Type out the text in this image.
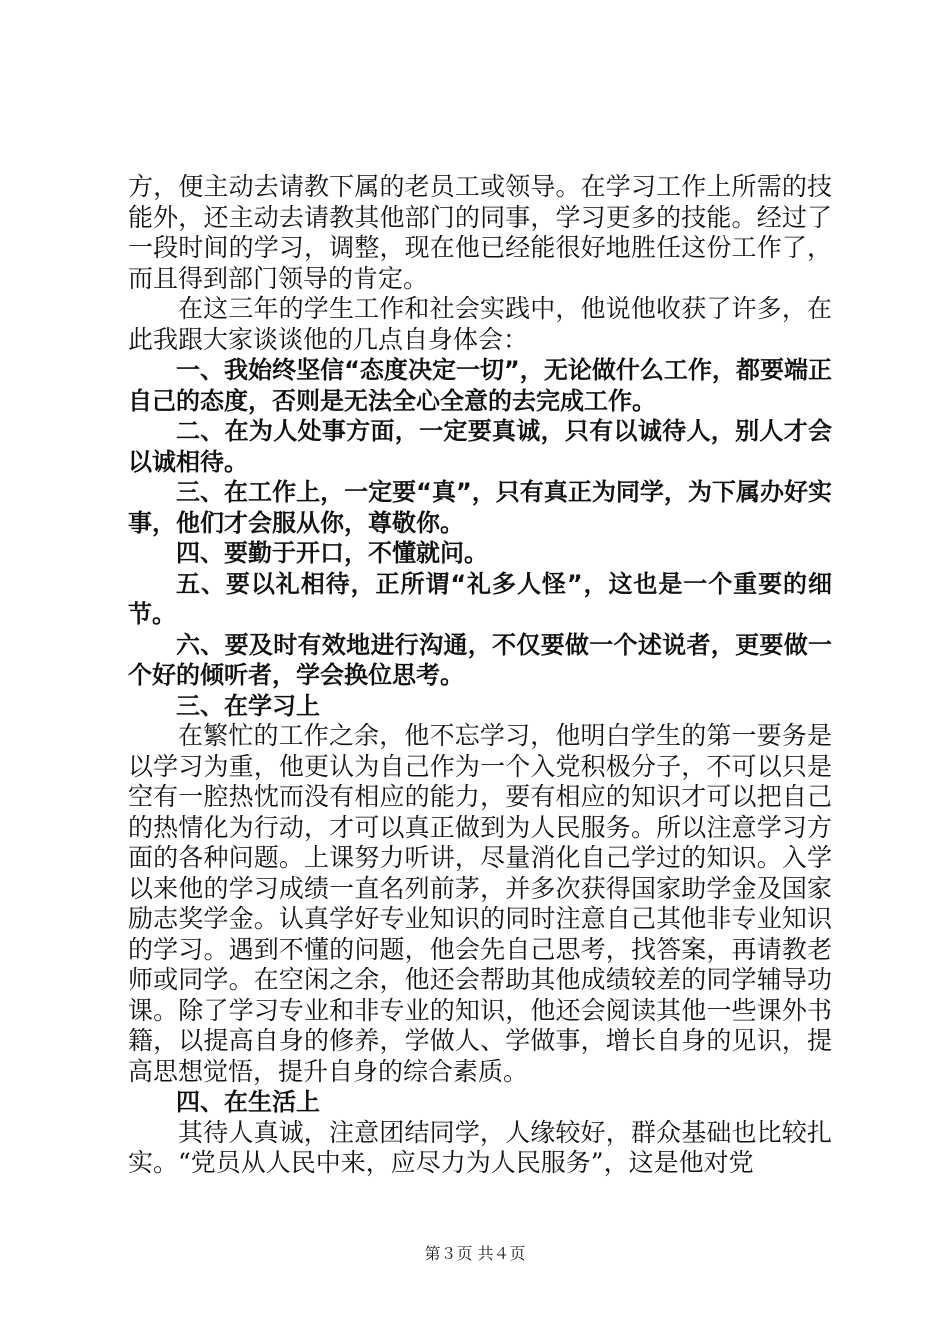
方，便主动去请教下属的老员工或领导。在学习工作上所需的技能外，还主动去请教其他部门的同事，学习更多的技能。经过了一段时间的学习，调整，现在他已经能很好地胜任这份工作了，而且得到部门领导的肯定。

在这三年的学生工作和社会实践中，他说他收获了许多，在此我跟大家谈谈他的几点自身体会：

一、我始终坚信“态度决定一切”，无论做什么工作，都要端正自己的态度，否则是无法全心全意的去完成工作。

二、在为人处事方面，一定要真诚，只有以诚待人，别人才会以诚相待。

三、在工作上，一定要“真”，只有真正为同学，为下属办好实事，他们才会服从你，尊敬你。

四、要勤于开口，不懂就问。

五、要以礼相待，正所谓“礼多人怪”，这也是一个重要的细节。

六、要及时有效地进行沟通，不仅要做一个述说者，更要做一个好的倾听者，学会换位思考。

三、在学习上

在繁忙的工作之余，他不忘学习，他明白学生的第一要务是以学习为重，他更认为自己作为一个入党积极分子，不可以只是空有一腔热忱而没有相应的能力，要有相应的知识才可以把自己的热情化为行动，才可以真正做到为人民服务。所以注意学习方面的各种问题。上课努力听讲，尽量消化自己学过的知识。入学以来他的学习成绩一直名列前茅，并多次获得国家助学金及国家励志奖学金。认真学好专业知识的同时注意自己其他非专业知识的学习。遇到不懂的问题，他会先自己思考，找答案，再请教老师或同学。在空闲之余，他还会帮助其他成绩较差的同学辅导功课。除了学习专业和非专业的知识，他还会阅读其他一些课外书籍，以提高自身的修养，学做人、学做事，增长自身的见识，提高思想觉悟，提升自身的综合素质。

四、在生活上

其待人真诚，注意团结同学，人缘较好，群众基础也比较扎实。“党员从人民中来，应尽力为人民服务”，这是他对党

第３页 共４页
